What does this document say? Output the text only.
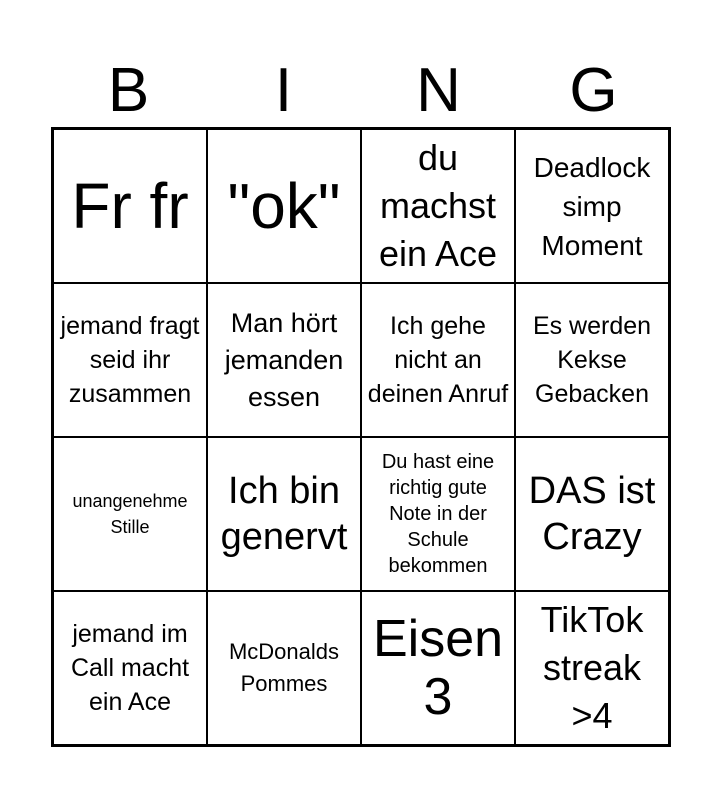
B	I	N	G
Fr fr "ok"
du machst ein Ace
Deadlock simp Moment
jemand fragt seid ihr zusammen
Man hört jemanden essen
Ich gehe nicht an deinen Anruf
Es werden Kekse Gebacken
unangenehme Stille
Ich bin genervt
Du hast eine richtig gute Note in der Schule bekommen
DAS ist Crazy
jemand im Call macht ein Ace
McDonalds Pommes
Eisen 3
TikTok streak >4
